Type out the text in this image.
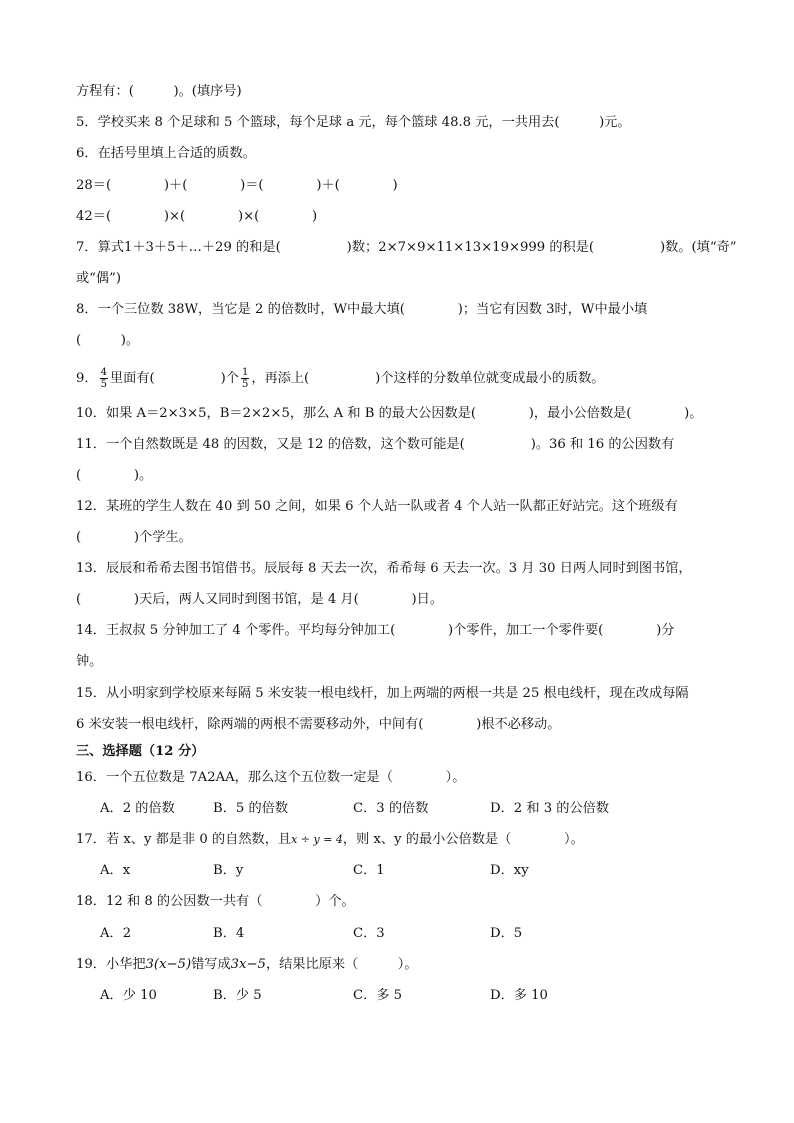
方程有：(　　　)。(填序号)
5．学校买来 8 个足球和 5 个篮球，每个足球 a 元，每个篮球 48.8 元，一共用去(　　　)元。
6．在括号里填上合适的质数。
28＝(　　　　)＋(　　　　)＝(　　　　)＋(　　　　)
42＝(　　　　)×(　　　　)×(　　　　)
7．算式1＋3＋5＋…＋29 的和是(　　　　　)数；2×7×9×11×13×19×999 的积是(　　　　　)数。(填“奇”
或“偶”)
8．一个三位数 38W，当它是 2 的倍数时，W中最大填(　　　　)；当它有因数 3时，W中最小填
(　　　)。
9． $\frac{4}{5}$ 里面有(　　　　　)个 $\frac{1}{5}$ ，再添上(　　　　　)个这样的分数单位就变成最小的质数。
10．如果 A＝2×3×5，B＝2×2×5，那么 A 和 B 的最大公因数是(　　　　)，最小公倍数是(　　　　)。
11．一个自然数既是 48 的因数，又是 12 的倍数，这个数可能是(　　　　　)。36 和 16 的公因数有
(　　　　)。
12．某班的学生人数在 40 到 50 之间，如果 6 个人站一队或者 4 个人站一队都正好站完。这个班级有
(　　　　)个学生。
13．辰辰和希希去图书馆借书。辰辰每 8 天去一次，希希每 6 天去一次。3 月 30 日两人同时到图书馆，
(　　　　)天后，两人又同时到图书馆，是 4 月(　　　　)日。
14．王叔叔 5 分钟加工了 4 个零件。平均每分钟加工(　　　　)个零件，加工一个零件要(　　　　)分
钟。
15．从小明家到学校原来每隔 5 米安装一根电线杆，加上两端的两根一共是 25 根电线杆，现在改成每隔
6 米安装一根电线杆，除两端的两根不需要移动外，中间有(　　　　)根不必移动。
三、选择题（12 分）
16．一个五位数是 7A2AA，那么这个五位数一定是（　　　　）。
A．2 的倍数	B．5 的倍数	C．3 的倍数	D．2 和 3 的公倍数
17．若 x、y 都是非 0 的自然数，且x ÷ y = 4，则 x、y 的最小公倍数是（　　　　）。
A．x	B．y	C．1	D．xy
18．12 和 8 的公因数一共有（　　　　）个。
A．2	B．4	C．3	D．5
19．小华把3(x−5)错写成3x−5，结果比原来（　　　）。
A．少 10	B．少 5	C．多 5	D．多 10
